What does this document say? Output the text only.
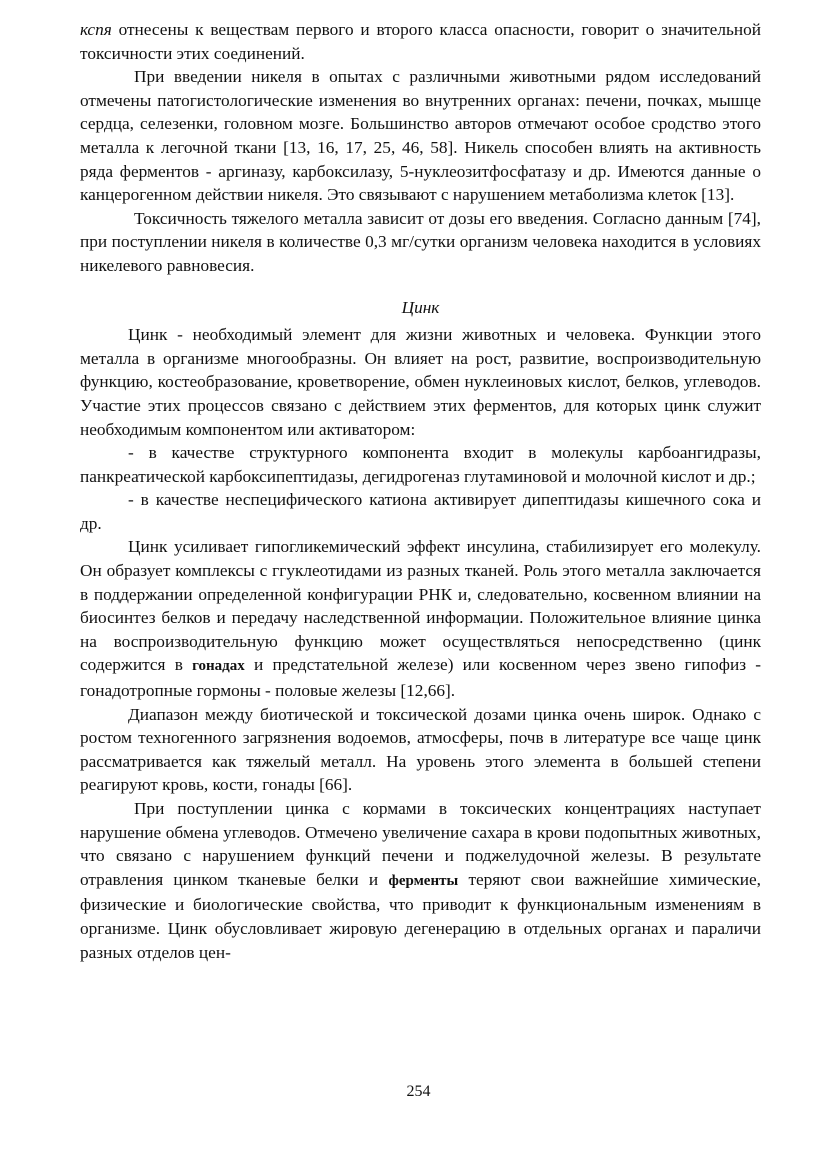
кспя отнесены к веществам первого и второго класса опасности, говорит о значительной токсичности этих соединений.

При введении никеля в опытах с различными животными рядом исследований отмечены патогистологические изменения во внутренних органах: печени, почках, мышце сердца, селезенки, головном мозге. Большинство авторов отмечают особое сродство этого металла к легочной ткани [13, 16, 17, 25, 46, 58]. Никель способен влиять на активность ряда ферментов - аргиназу, карбоксилазу, 5-нуклеозитфосфатазу и др. Имеются данные о канцерогенном действии никеля. Это связывают с нарушением метаболизма клеток [13].

Токсичность тяжелого металла зависит от дозы его введения. Согласно данным [74], при поступлении никеля в количестве 0,3 мг/сутки организм человека находится в условиях никелевого равновесия.

Цинк

Цинк - необходимый элемент для жизни животных и человека. Функции этого металла в организме многообразны. Он влияет на рост, развитие, воспроизводительную функцию, костеобразование, кроветворение, обмен нуклеиновых кислот, белков, углеводов. Участие этих процессов связано с действием этих ферментов, для которых цинк служит необходимым компонентом или активатором:

- в качестве структурного компонента входит в молекулы карбоангидразы, панкреатической карбоксипептидазы, дегидрогеназ глутаминовой и молочной кислот и др.;

- в качестве неспецифического катиона активирует дипептидазы кишечного сока и др.

Цинк усиливает гипогликемический эффект инсулина, стабилизирует его молекулу. Он образует комплексы с ггуклеотидами из разных тканей. Роль этого металла заключается в поддержании определенной конфигурации РНК и, следовательно, косвенном влиянии на биосинтез белков и передачу наследственной информации. Положительное влияние цинка на воспроизводительную функцию может осуществляться непосредственно (цинк содержится в гонадах и предстательной железе) или косвенном через звено гипофиз - гонадотропные гормоны - половые железы [12,66].

Диапазон между биотической и токсической дозами цинка очень широк. Однако с ростом техногенного загрязнения водоемов, атмосферы, почв в литературе все чаще цинк рассматривается как тяжелый металл. На уровень этого элемента в большей степени реагируют кровь, кости, гонады [66].

При поступлении цинка с кормами в токсических концентрациях наступает нарушение обмена углеводов. Отмечено увеличение сахара в крови подопытных животных, что связано с нарушением функций печени и поджелудочной железы. В результате отравления цинком тканевые белки и ферменты теряют свои важнейшие химические, физические и биологические свойства, что приводит к функциональным изменениям в организме. Цинк обусловливает жировую дегенерацию в отдельных органах и параличи разных отделов цен-

254
